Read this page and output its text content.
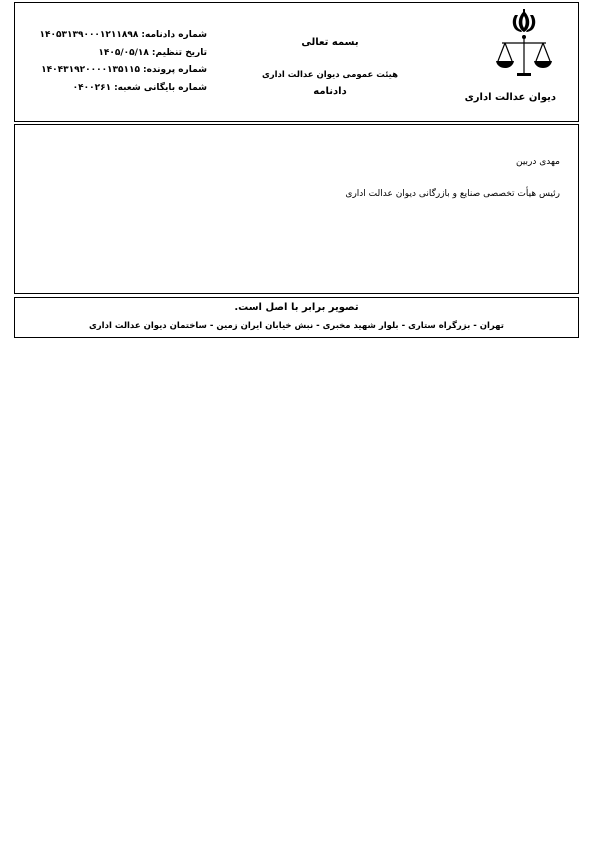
دیوان عدالت اداری
بسمه تعالی
هیئت عمومی دیوان عدالت اداری
دادنامه
شماره دادنامه:۱۴۰۵۳۱۳۹۰۰۰۱۲۱۱۸۹۸
تاریخ تنظیم:۱۴۰۵/۰۵/۱۸
شماره پرونده:۱۴۰۴۳۱۹۲۰۰۰۰۱۳۵۱۱۵
شماره بایگانی شعبه:۰۴۰۰۲۶۱
مهدی دربین
رئیس هیأت تخصصی صنایع و بازرگانی دیوان عدالت اداری
تصویر برابر با اصل است.
تهران - بزرگراه ستاری - بلوار شهید مخبری - نبش خیابان ایران زمین - ساختمان دیوان عدالت اداری
